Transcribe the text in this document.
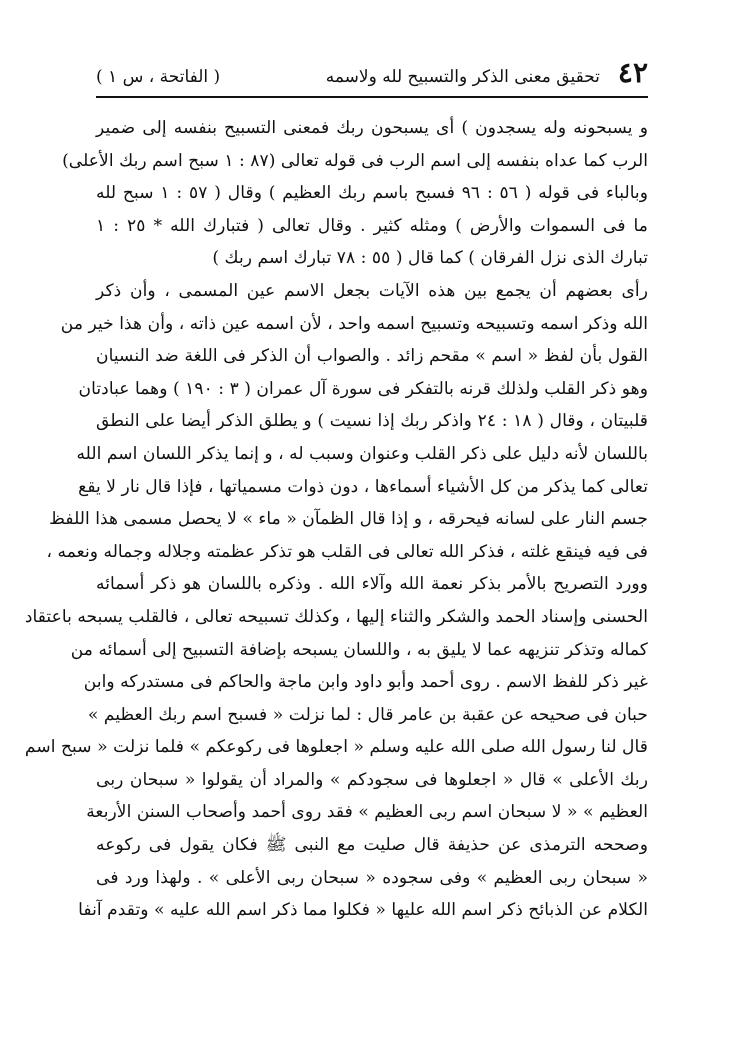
٤٢
تحقيق معنى الذكر والتسبيح لله ولاسمه
( الفاتحة ، س ١ )
و يسبحونه وله يسجدون ) أى يسبحون ربك فمعنى التسبيح بنفسه إلى ضمير
الرب كما عداه بنفسه إلى اسم الرب فى قوله تعالى (٨٧ : ١ سبح اسم ربك الأعلى)
وبالباء فى قوله ( ٥٦ : ٩٦ فسبح باسم ربك العظيم ) وقال ( ٥٧ : ١ سبح لله
ما فى السموات والأرض ) ومثله كثير . وقال تعالى ( فتبارك الله * ٢٥ : ١
تبارك الذى نزل الفرقان ) كما قال ( ٥٥ : ٧٨ تبارك اسم ربك )
رأى بعضهم أن يجمع بين هذه الآيات بجعل الاسم عين المسمى ، وأن ذكر
الله وذكر اسمه وتسبيحه وتسبيح اسمه واحد ، لأن اسمه عين ذاته ، وأن هذا خير من
القول بأن لفظ « اسم » مقحم زائد . والصواب أن الذكر فى اللغة ضد النسيان
وهو ذكر القلب ولذلك قرنه بالتفكر فى سورة آل عمران ( ٣ : ١٩٠ ) وهما عبادتان
قلبيتان ، وقال ( ١٨ : ٢٤ واذكر ربك إذا نسيت ) و يطلق الذكر أيضا على النطق
باللسان لأنه دليل على ذكر القلب وعنوان وسبب له ، و إنما يذكر اللسان اسم الله
تعالى كما يذكر من كل الأشياء أسماءها ، دون ذوات مسمياتها ، فإذا قال نار لا يقع
جسم النار على لسانه فيحرقه ، و إذا قال الظمآن « ماء » لا يحصل مسمى هذا اللفظ
فى فيه فينقع غلته ، فذكر الله تعالى فى القلب هو تذكر عظمته وجلاله وجماله ونعمه ،
وورد التصريح بالأمر بذكر نعمة الله وآلاء الله . وذكره باللسان هو ذكر أسمائه
الحسنى وإسناد الحمد والشكر والثناء إليها ، وكذلك تسبيحه تعالى ، فالقلب يسبحه باعتقاد
كماله وتذكر تنزيهه عما لا يليق به ، واللسان يسبحه بإضافة التسبيح إلى أسمائه من
غير ذكر للفظ الاسم . روى أحمد وأبو داود وابن ماجة والحاكم فى مستدركه وابن
حبان فى صحيحه عن عقبة بن عامر قال : لما نزلت « فسبح اسم ربك العظيم »
قال لنا رسول الله صلى الله عليه وسلم « اجعلوها فى ركوعكم » فلما نزلت « سبح اسم
ربك الأعلى » قال « اجعلوها فى سجودكم » والمراد أن يقولوا « سبحان ربى
العظيم » « لا سبحان اسم ربى العظيم » فقد روى أحمد وأصحاب السنن الأربعة
وصححه الترمذى عن حذيفة قال صليت مع النبى ﷺ فكان يقول فى ركوعه
« سبحان ربى العظيم » وفى سجوده « سبحان ربى الأعلى » . ولهذا ورد فى
الكلام عن الذبائح ذكر اسم الله عليها « فكلوا مما ذكر اسم الله عليه » وتقدم آنفا
